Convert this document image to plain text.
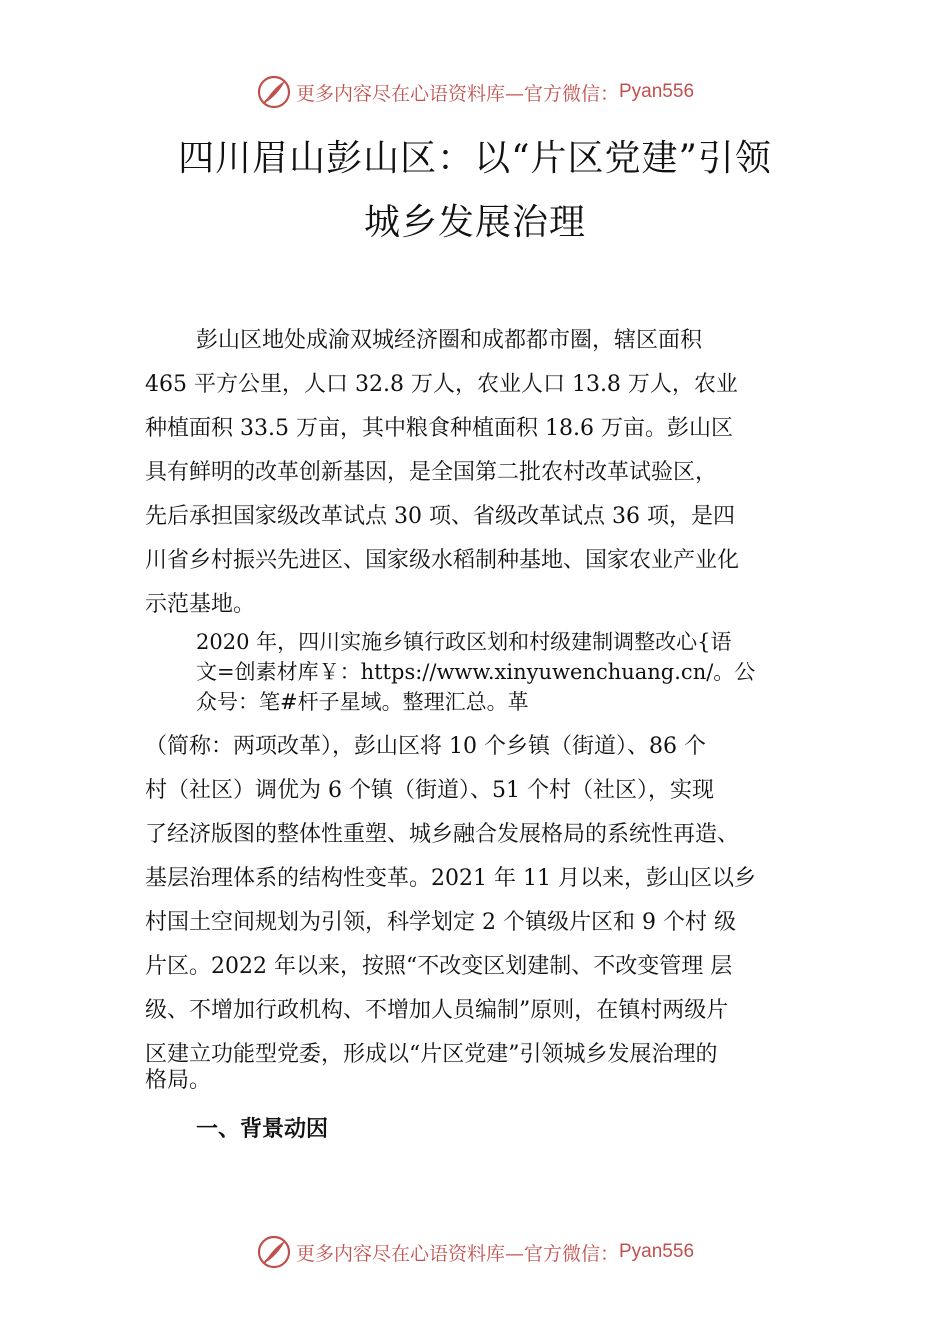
更多内容尽在心语资料库—官方微信： Pyan556
四川眉山彭山区：以“片区党建”引领
城乡发展治理
彭山区地处成渝双城经济圈和成都都市圈，辖区面积
465 平方公里，人口 32.8 万人，农业人口 13.8 万人，农业
种植面积 33.5 万亩，其中粮食种植面积 18.6 万亩。彭山区
具有鲜明的改革创新基因，是全国第二批农村改革试验区，
先后承担国家级改革试点 30 项、省级改革试点 36 项，是四
川省乡村振兴先进区、国家级水稻制种基地、国家农业产业化
示范基地。
2020 年，四川实施乡镇行政区划和村级建制调整改心{语
文=创素材库￥：https://www.xinyuwenchuang.cn/。公
众号：笔#杆子星域。整理汇总。革
（简称：两项改革），彭山区将 10 个乡镇（街道）、86 个
村（社区）调优为 6 个镇（街道）、51 个村（社区），实现
了经济版图的整体性重塑、城乡融合发展格局的系统性再造、
基层治理体系的结构性变革。2021 年 11 月以来，彭山区以乡
村国土空间规划为引领，科学划定 2 个镇级片区和 9 个村 级
片区。2022 年以来，按照“不改变区划建制、不改变管理 层
级、不增加行政机构、不增加人员编制”原则，在镇村两级片
区建立功能型党委，形成以“片区党建”引领城乡发展治理的
格局。
一、背景动因
更多内容尽在心语资料库—官方微信： Pyan556
